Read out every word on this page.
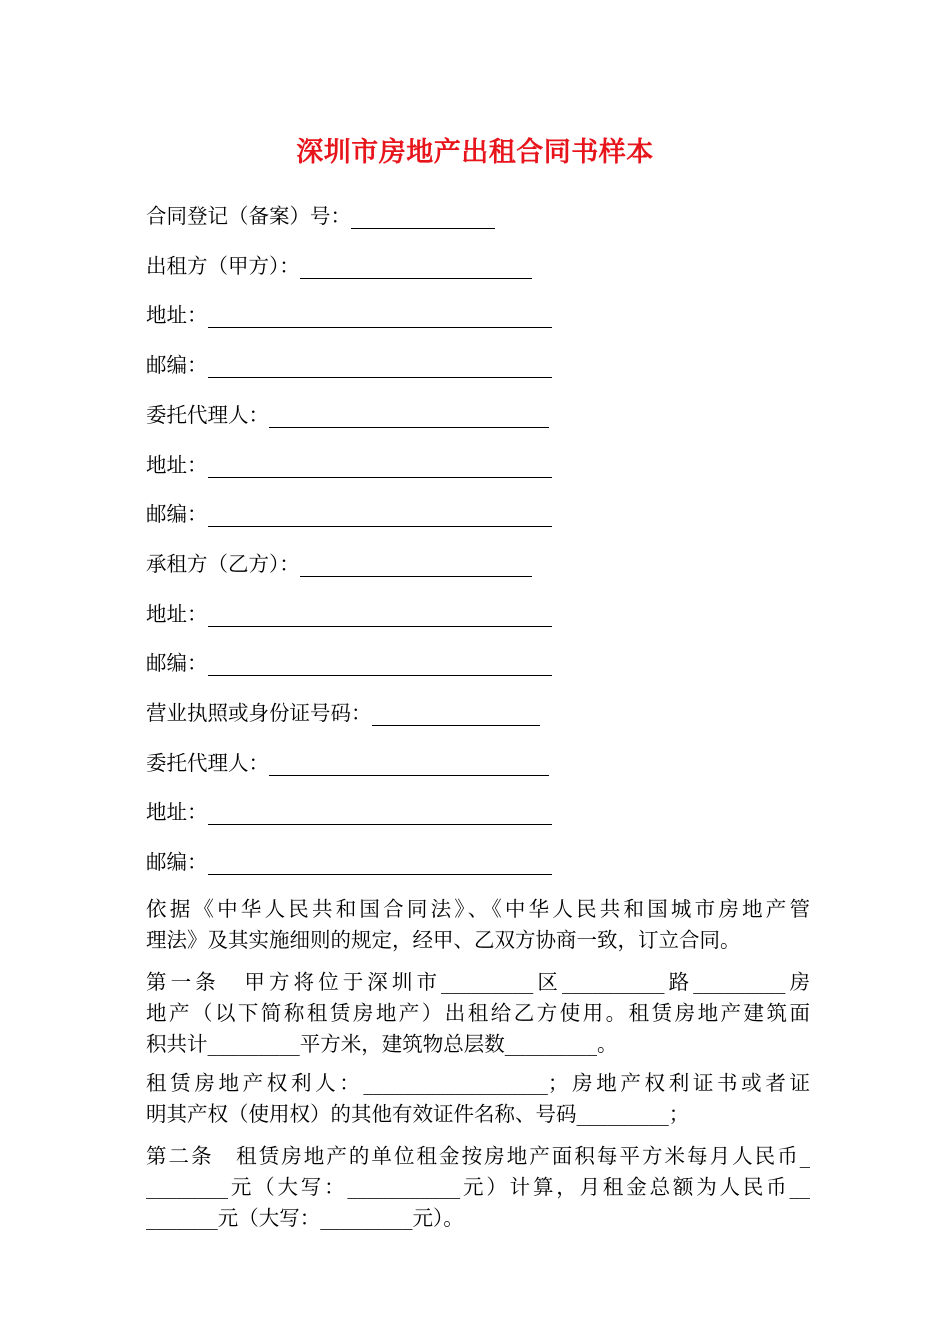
深圳市房地产出租合同书样本
合同登记（备案）号：
出租方（甲方）：
地址：
邮编：
委托代理人：
地址：
邮编：
承租方（乙方）：
地址：
邮编：
营业执照或身份证号码：
委托代理人：
地址：
邮编：

依据《中华人民共和国合同法》、《中华人民共和国城市房地产管

理法》及其实施细则的规定，经甲、乙双方协商一致，订立合同。

第一条　甲方将位于深圳市_________区__________路_________房

地产（以下简称租赁房地产）出租给乙方使用。租赁房地产建筑面

积共计_________平方米，建筑物总层数_________。

租赁房地产权利人：__________________；房地产权利证书或者证

明其产权（使用权）的其他有效证件名称、号码_________；

第二条　租赁房地产的单位租金按房地产面积每平方米每月人民币_

________元（大写：___________元）计算，月租金总额为人民币__

_______元（大写：_________元）。
